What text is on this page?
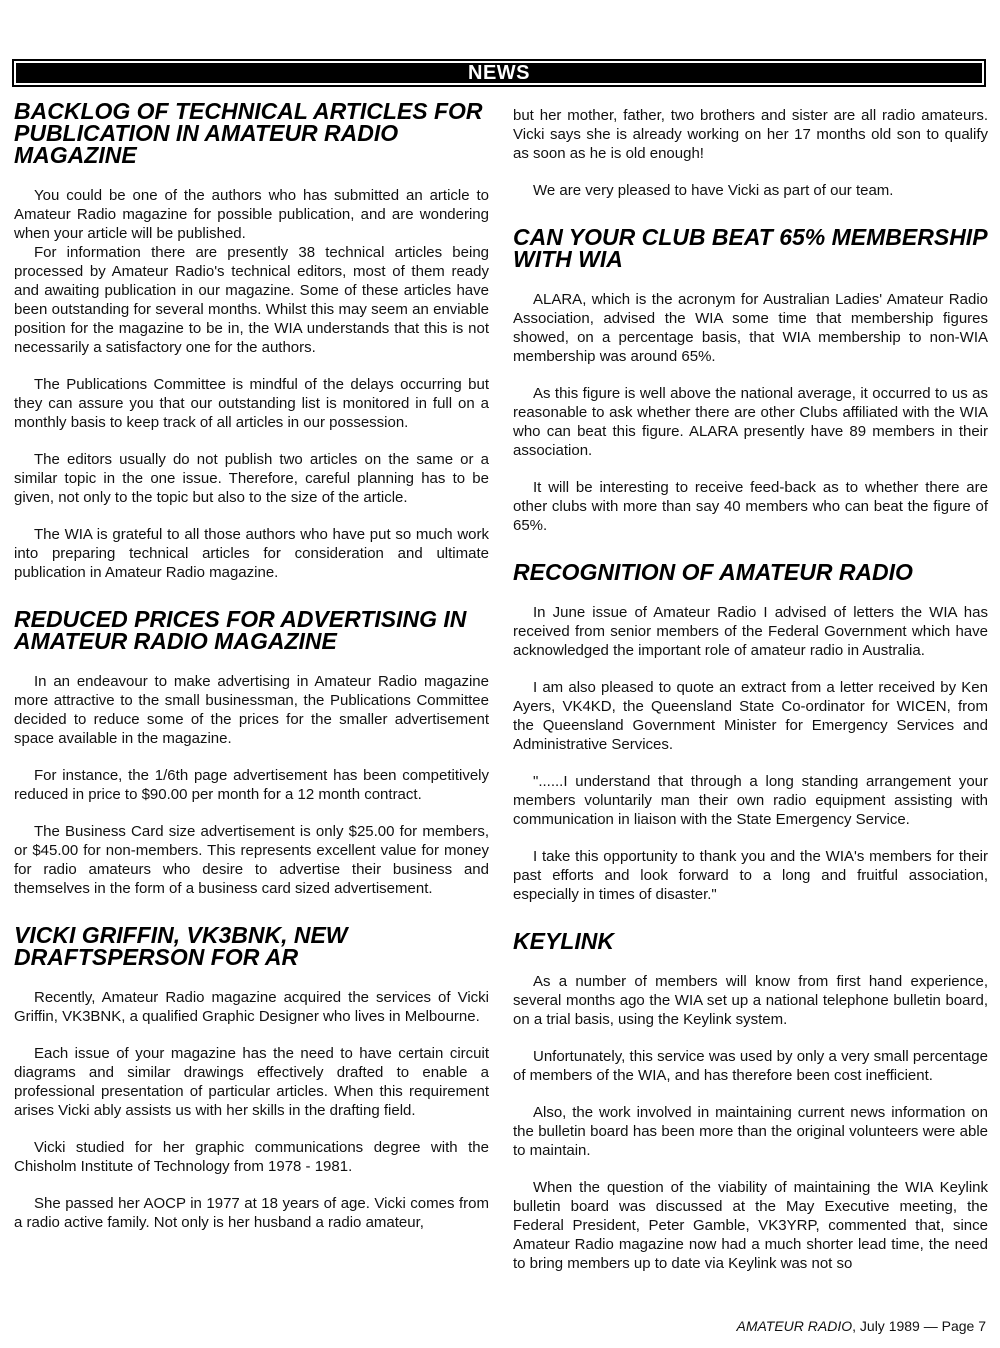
NEWS
BACKLOG OF TECHNICAL ARTICLES FOR PUBLICATION IN AMATEUR RADIO MAGAZINE

You could be one of the authors who has submitted an article to Amateur Radio magazine for possible publication, and are wondering when your article will be published.

For information there are presently 38 technical articles being processed by Amateur Radio's technical editors, most of them ready and awaiting publication in our magazine. Some of these articles have been outstanding for several months. Whilst this may seem an enviable position for the magazine to be in, the WIA understands that this is not necessarily a satisfactory one for the authors.

The Publications Committee is mindful of the delays occurring but they can assure you that our outstanding list is monitored in full on a monthly basis to keep track of all articles in our possession.

The editors usually do not publish two articles on the same or a similar topic in the one issue. Therefore, careful planning has to be given, not only to the topic but also to the size of the article.

The WIA is grateful to all those authors who have put so much work into preparing technical articles for consideration and ultimate publication in Amateur Radio magazine.

REDUCED PRICES FOR ADVERTISING IN AMATEUR RADIO MAGAZINE

In an endeavour to make advertising in Amateur Radio magazine more attractive to the small businessman, the Publications Committee decided to reduce some of the prices for the smaller advertisement space available in the magazine.

For instance, the 1/6th page advertisement has been competitively reduced in price to $90.00 per month for a 12 month contract.

The Business Card size advertisement is only $25.00 for members, or $45.00 for non-members. This represents excellent value for money for radio amateurs who desire to advertise their business and themselves in the form of a business card sized advertisement.

VICKI GRIFFIN, VK3BNK, NEW DRAFTSPERSON FOR AR

Recently, Amateur Radio magazine acquired the services of Vicki Griffin, VK3BNK, a qualified Graphic Designer who lives in Melbourne.

Each issue of your magazine has the need to have certain circuit diagrams and similar drawings effectively drafted to enable a professional presentation of particular articles. When this requirement arises Vicki ably assists us with her skills in the drafting field.

Vicki studied for her graphic communications degree with the Chisholm Institute of Technology from 1978 - 1981.

She passed her AOCP in 1977 at 18 years of age. Vicki comes from a radio active family. Not only is her husband a radio amateur,

but her mother, father, two brothers and sister are all radio amateurs. Vicki says she is already working on her 17 months old son to qualify as soon as he is old enough!

We are very pleased to have Vicki as part of our team.

CAN YOUR CLUB BEAT 65% MEMBERSHIP WITH WIA

ALARA, which is the acronym for Australian Ladies' Amateur Radio Association, advised the WIA some time that membership figures showed, on a percentage basis, that WIA membership to non-WIA membership was around 65%.

As this figure is well above the national average, it occurred to us as reasonable to ask whether there are other Clubs affiliated with the WIA who can beat this figure. ALARA presently have 89 members in their association.

It will be interesting to receive feed-back as to whether there are other clubs with more than say 40 members who can beat the figure of 65%.

RECOGNITION OF AMATEUR RADIO

In June issue of Amateur Radio I advised of letters the WIA has received from senior members of the Federal Government which have acknowledged the important role of amateur radio in Australia.

I am also pleased to quote an extract from a letter received by Ken Ayers, VK4KD, the Queensland State Co-ordinator for WICEN, from the Queensland Government Minister for Emergency Services and Administrative Services.

"......I understand that through a long standing arrangement your members voluntarily man their own radio equipment assisting with communication in liaison with the State Emergency Service.

I take this opportunity to thank you and the WIA's members for their past efforts and look forward to a long and fruitful association, especially in times of disaster."

KEYLINK

As a number of members will know from first hand experience, several months ago the WIA set up a national telephone bulletin board, on a trial basis, using the Keylink system.

Unfortunately, this service was used by only a very small percentage of members of the WIA, and has therefore been cost inefficient.

Also, the work involved in maintaining current news information on the bulletin board has been more than the original volunteers were able to maintain.

When the question of the viability of maintaining the WIA Keylink bulletin board was discussed at the May Executive meeting, the Federal President, Peter Gamble, VK3YRP, commented that, since Amateur Radio magazine now had a much shorter lead time, the need to bring members up to date via Keylink was not so

AMATEUR RADIO, July 1989 — Page 7
